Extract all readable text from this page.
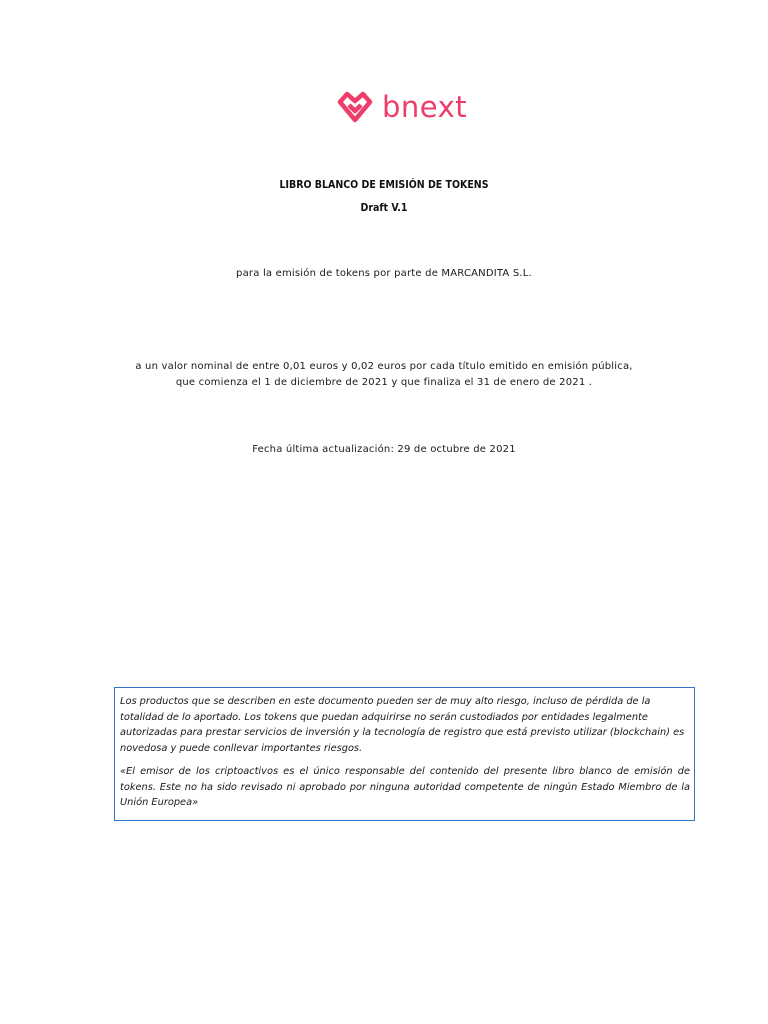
bnext
LIBRO BLANCO DE EMISIÓN DE TOKENS
Draft V.1
para la emisión de tokens por parte de MARCANDITA S.L.
a un valor nominal de entre 0,01 euros y 0,02 euros por cada título emitido en emisión pública,
que comienza el 1 de diciembre de 2021 y que finaliza el 31 de enero de 2021 .
Fecha última actualización: 29 de octubre de 2021

Los productos que se describen en este documento pueden ser de muy alto riesgo, incluso de pérdida de la totalidad de lo aportado. Los tokens que puedan adquirirse no serán custodiados por entidades legalmente autorizadas para prestar servicios de inversión y la tecnología de registro que está previsto utilizar (blockchain) es novedosa y puede conllevar importantes riesgos.

«El emisor de los criptoactivos es el único responsable del contenido del presente libro blanco de emisión de tokens. Este no ha sido revisado ni aprobado por ninguna autoridad competente de ningún Estado Miembro de la Unión Europea»
